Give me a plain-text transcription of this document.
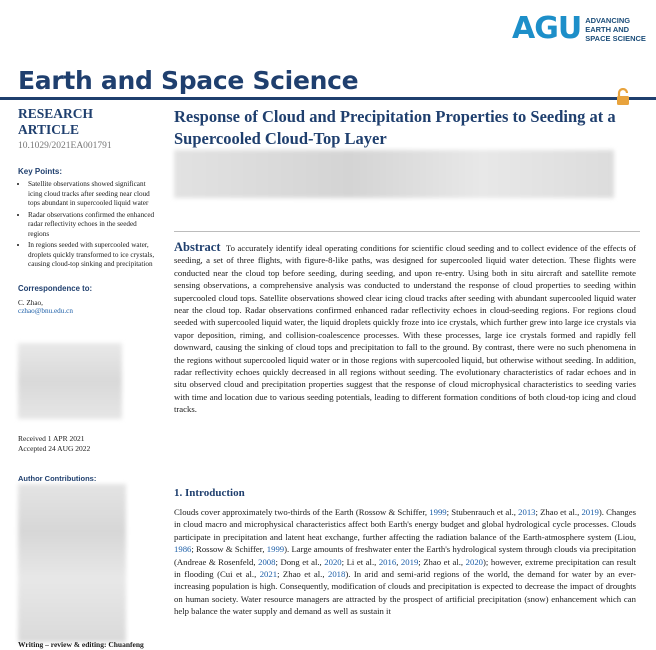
AGU ADVANCING
EARTH AND
SPACE SCIENCE
Earth and Space Science
RESEARCH ARTICLE
10.1029/2021EA001791
Key Points:
• Satellite observations showed significant icing cloud tracks after seeding near cloud tops abundant in supercooled liquid water
• Radar observations confirmed the enhanced radar reflectivity echoes in the seeded regions
• In regions seeded with supercooled water, droplets quickly transformed to ice crystals, causing cloud-top sinking and precipitation
Correspondence to:
C. Zhao,
czhao@bnu.edu.cn
Received 1 APR 2021
Accepted 24 AUG 2022
Author Contributions:
Writing – review & editing: Chuanfeng
Response of Cloud and Precipitation Properties to Seeding at a Supercooled Cloud-Top Layer
Abstract To accurately identify ideal operating conditions for scientific cloud seeding and to collect evidence of the effects of seeding, a set of three flights, with figure-8-like paths, was designed for supercooled liquid water detection. These flights were conducted near the cloud top before seeding, during seeding, and upon re-entry. Using both in situ aircraft and satellite remote sensing observations, a comprehensive analysis was conducted to understand the response of cloud properties to seeding within supercooled cloud tops. Satellite observations showed clear icing cloud tracks after seeding with abundant supercooled liquid water near the cloud top. Radar observations confirmed enhanced radar reflectivity echoes in cloud-seeding regions. For regions cloud seeded with supercooled liquid water, the liquid droplets quickly froze into ice crystals, which further grew into large ice crystals via vapor deposition, riming, and collision-coalescence processes. With these processes, large ice crystals formed and rapidly fell downward, causing the sinking of cloud tops and precipitation to fall to the ground. By contrast, there were no such phenomena in the regions without supercooled liquid water or in those regions with supercooled liquid, but otherwise without seeding. In addition, radar reflectivity echoes quickly decreased in all regions without seeding. The evolutionary characteristics of radar echoes and in situ observed cloud and precipitation properties suggest that the response of cloud microphysical characteristics to seeding varies with time and location due to various seeding potentials, leading to different formation conditions of both cloud-top icing and cloud tracks.
1. Introduction
Clouds cover approximately two-thirds of the Earth (Rossow & Schiffer, 1999; Stubenrauch et al., 2013; Zhao et al., 2019). Changes in cloud macro and microphysical characteristics affect both Earth's energy budget and global hydrological cycle processes. Clouds participate in precipitation and latent heat exchange, further affecting the radiation balance of the Earth-atmosphere system (Liou, 1986; Rossow & Schiffer, 1999). Large amounts of freshwater enter the Earth's hydrological system through clouds via precipitation (Andreae & Rosenfeld, 2008; Dong et al., 2020; Li et al., 2016, 2019; Zhao et al., 2020); however, extreme precipitation can result in flooding (Cui et al., 2021; Zhao et al., 2018). In arid and semi-arid regions of the world, the demand for water by an ever-increasing population is high. Consequently, modification of clouds and precipitation is expected to decrease the impact of droughts on human society. Water resource managers are attracted by the prospect of artificial precipitation (snow) enhancement which can help balance the water supply and demand as well as sustain it
